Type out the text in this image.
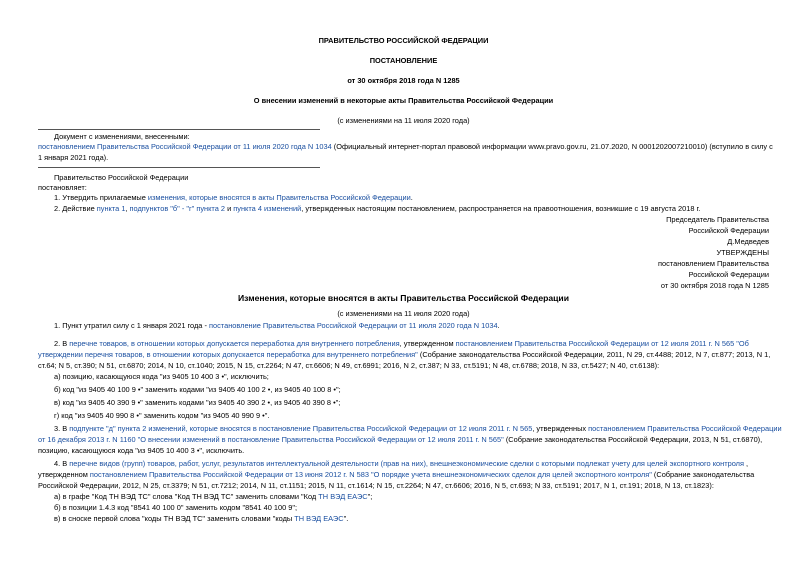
ПРАВИТЕЛЬСТВО РОССИЙСКОЙ ФЕДЕРАЦИИ
ПОСТАНОВЛЕНИЕ
от 30 октября 2018 года N 1285
О внесении изменений в некоторые акты Правительства Российской Федерации
(с изменениями на 11 июля 2020 года)
Документ с изменениями, внесенными:
постановлением Правительства Российской Федерации от 11 июля 2020 года N 1034 (Официальный интернет-портал правовой информации www.pravo.gov.ru, 21.07.2020, N 0001202007210010) (вступило в силу с
1 января 2021 года).
Правительство Российской Федерации
постановляет:
1. Утвердить прилагаемые изменения, которые вносятся в акты Правительства Российской Федерации.
2. Действие пункта 1, подпунктов "б" - "г" пункта 2 и пункта 4 изменений, утвержденных настоящим постановлением, распространяется на правоотношения, возникшие с 19 августа 2018 г.
Председатель Правительства
Российской Федерации
Д.Медведев
УТВЕРЖДЕНЫ
постановлением Правительства
Российской Федерации
от 30 октября 2018 года N 1285
Изменения, которые вносятся в акты Правительства Российской Федерации
(с изменениями на 11 июля 2020 года)
1. Пункт утратил силу с 1 января 2021 года - постановление Правительства Российской Федерации от 11 июля 2020 года N 1034.
2. В перечне товаров, в отношении которых допускается переработка для внутреннего потребления, утвержденном постановлением Правительства Российской Федерации от 12 июля 2011 г. N 565 "Об
утверждении перечня товаров, в отношении которых допускается переработка для внутреннего потребления" (Собрание законодательства Российской Федерации, 2011, N 29, ст.4488; 2012, N 7, ст.877; 2013, N 1,
ст.64; N 5, ст.390; N 51, ст.6870; 2014, N 10, ст.1040; 2015, N 15, ст.2264; N 47, ст.6606; N 49, ст.6991; 2016, N 2, ст.387; N 33, ст.5191; N 48, ст.6788; 2018, N 33, ст.5427; N 40, ст.6138):
а) позицию, касающуюся кода "из 9405 10 400 3 •", исключить;
б) код "из 9405 40 100 9 •" заменить кодами "из 9405 40 100 2 •, из 9405 40 100 8 •";
в) код "из 9405 40 390 9 •" заменить кодами "из 9405 40 390 2 •, из 9405 40 390 8 •";
г) код "из 9405 40 990 8 •" заменить кодом "из 9405 40 990 9 •".
3. В подпункте "д" пункта 2 изменений, которые вносятся в постановление Правительства Российской Федерации от 12 июля 2011 г. N 565, утвержденных постановлением Правительства Российской Федерации
от 16 декабря 2013 г. N 1160 "О внесении изменений в постановление Правительства Российской Федерации от 12 июля 2011 г. N 565" (Собрание законодательства Российской Федерации, 2013, N 51, ст.6870),
позицию, касающуюся кода "из 9405 10 400 3 •", исключить.
4. В перечне видов (групп) товаров, работ, услуг, результатов интеллектуальной деятельности (прав на них), внешнеэкономические сделки с которыми подлежат учету для целей экспортного контроля ,
утвержденном постановлением Правительства Российской Федерации от 13 июня 2012 г. N 583 "О порядке учета внешнеэкономических сделок для целей экспортного контроля" (Собрание законодательства
Российской Федерации, 2012, N 25, ст.3379; N 51, ст.7212; 2014, N 11, ст.1151; 2015, N 11, ст.1614; N 15, ст.2264; N 47, ст.6606; 2016, N 5, ст.693; N 33, ст.5191; 2017, N 1, ст.191; 2018, N 13, ст.1823):
а) в графе "Код ТН ВЭД ТС" слова "Код ТН ВЭД ТС" заменить словами "Код ТН ВЭД ЕАЭС";
б) в позиции 1.4.3 код "8541 40 100 0" заменить кодом "8541 40 100 9";
в) в сноске первой слова "коды ТН ВЭД ТС" заменить словами "коды ТН ВЭД ЕАЭС".
